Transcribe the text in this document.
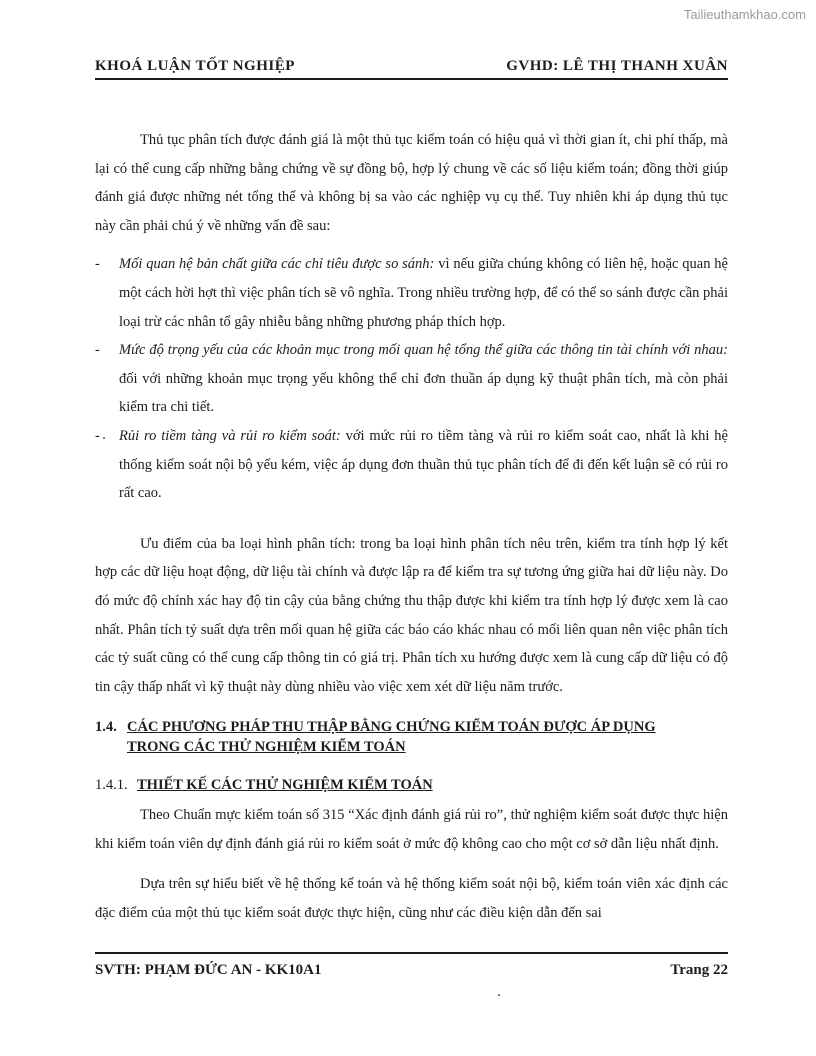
Tailieuthamkhao.com
KHOÁ LUẬN TỐT NGHIỆP	GVHD: LÊ THỊ THANH XUÂN

Thủ tục phân tích được đánh giá là một thủ tục kiểm toán có hiệu quả vì thời gian ít, chi phí thấp, mà lại có thể cung cấp những bằng chứng về sự đồng bộ, hợp lý chung về các số liệu kiểm toán; đồng thời giúp đánh giá được những nét tổng thể và không bị sa vào các nghiệp vụ cụ thể. Tuy nhiên khi áp dụng thủ tục này cần phải chú ý về những vấn đề sau:

- Mối quan hệ bản chất giữa các chỉ tiêu được so sánh: vì nếu giữa chúng không có liên hệ, hoặc quan hệ một cách hời hợt thì việc phân tích sẽ vô nghĩa. Trong nhiều trường hợp, để có thể so sánh được cần phải loại trừ các nhân tố gây nhiễu bằng những phương pháp thích hợp.
- Mức độ trọng yếu của các khoản mục trong mối quan hệ tổng thể giữa các thông tin tài chính với nhau: đối với những khoản mục trọng yếu không thể chỉ đơn thuần áp dụng kỹ thuật phân tích, mà còn phải kiểm tra chi tiết.
- Rủi ro tiềm tàng và rủi ro kiểm soát: với mức rủi ro tiềm tàng và rủi ro kiểm soát cao, nhất là khi hệ thống kiểm soát nội bộ yếu kém, việc áp dụng đơn thuần thủ tục phân tích để đi đến kết luận sẽ có rủi ro rất cao.

Ưu điểm của ba loại hình phân tích: trong ba loại hình phân tích nêu trên, kiểm tra tính hợp lý kết hợp các dữ liệu hoạt động, dữ liệu tài chính và được lập ra để kiểm tra sự tương ứng giữa hai dữ liệu này. Do đó mức độ chính xác hay độ tin cậy của bằng chứng thu thập được khi kiểm tra tính hợp lý được xem là cao nhất. Phân tích tỷ suất dựa trên mối quan hệ giữa các báo cáo khác nhau có mối liên quan nên việc phân tích các tỷ suất cũng có thể cung cấp thông tin có giá trị. Phân tích xu hướng được xem là cung cấp dữ liệu có độ tin cậy thấp nhất vì kỹ thuật này dùng nhiều vào việc xem xét dữ liệu năm trước.

1.4. CÁC PHƯƠNG PHÁP THU THẬP BẰNG CHỨNG KIỂM TOÁN ĐƯỢC ÁP DỤNG
TRONG CÁC THỬ NGHIỆM KIỂM TOÁN
1.4.1. THIẾT KẾ CÁC THỬ NGHIỆM KIỂM TOÁN

Theo Chuẩn mực kiểm toán số 315 “Xác định đánh giá rủi ro”, thử nghiệm kiểm soát được thực hiện khi kiểm toán viên dự định đánh giá rủi ro kiểm soát ở mức độ không cao cho một cơ sở dẫn liệu nhất định.

Dựa trên sự hiểu biết về hệ thống kế toán và hệ thống kiểm soát nội bộ, kiểm toán viên xác định các đặc điểm của một thủ tục kiểm soát được thực hiện, cũng như các điều kiện dẫn đến sai

SVTH: PHẠM ĐỨC AN - KK10A1	Trang 22
